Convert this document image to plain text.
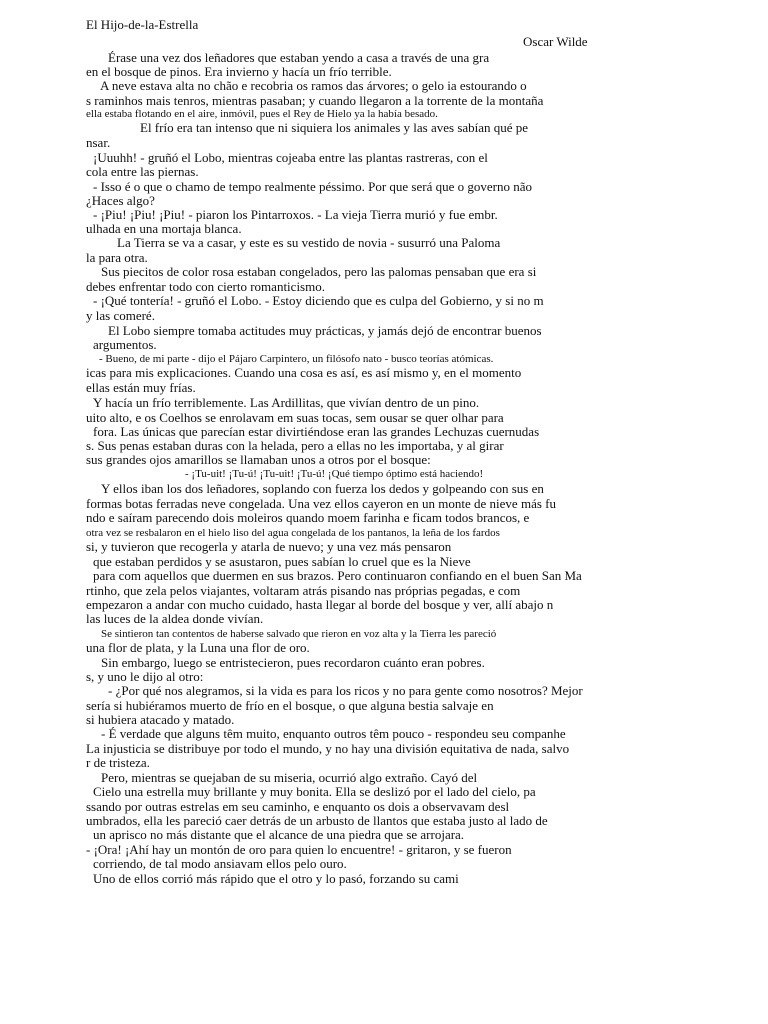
El Hijo-de-la-Estrella
Oscar Wilde
Érase una vez dos leñadores que estaban yendo a casa a través de una gra
en el bosque de pinos. Era invierno y hacía un frío terrible.
A neve estava alta no chão e recobria os ramos das árvores; o gelo ia estourando o
s raminhos mais tenros, mientras pasaban; y cuando llegaron a la torrente de la montaña
ella estaba flotando en el aire, inmóvil, pues el Rey de Hielo ya la había besado.
El frío era tan intenso que ni siquiera los animales y las aves sabían qué pe
nsar.
¡Uuuhh! - gruñó el Lobo, mientras cojeaba entre las plantas rastreras, con el
cola entre las piernas.
- Isso é o que o chamo de tempo realmente péssimo. Por que será que o governo não
¿Haces algo?
- ¡Piu! ¡Piu! ¡Piu! - piaron los Pintarroxos. - La vieja Tierra murió y fue embr.
ulhada en una mortaja blanca.
La Tierra se va a casar, y este es su vestido de novia - susurró una Paloma
la para otra.
Sus piecitos de color rosa estaban congelados, pero las palomas pensaban que era si
debes enfrentar todo con cierto romanticismo.
- ¡Qué tontería! - gruñó el Lobo. - Estoy diciendo que es culpa del Gobierno, y si no m
y las comeré.
El Lobo siempre tomaba actitudes muy prácticas, y jamás dejó de encontrar buenos
argumentos.
- Bueno, de mi parte - dijo el Pájaro Carpintero, un filósofo nato - busco teorías atómicas.
icas para mis explicaciones. Cuando una cosa es así, es así mismo y, en el momento
ellas están muy frías.
Y hacía un frío terriblemente. Las Ardillitas, que vivían dentro de un pino.
uito alto, e os Coelhos se enrolavam em suas tocas, sem ousar se quer olhar para
fora. Las únicas que parecían estar divirtiéndose eran las grandes Lechuzas cuernudas
s. Sus penas estaban duras con la helada, pero a ellas no les importaba, y al girar
sus grandes ojos amarillos se llamaban unos a otros por el bosque:
- ¡Tu-uit! ¡Tu-ú! ¡Tu-uit! ¡Tu-ú! ¡Qué tiempo óptimo está haciendo!
Y ellos iban los dos leñadores, soplando con fuerza los dedos y golpeando con sus en
formas botas ferradas neve congelada. Una vez ellos cayeron en un monte de nieve más fu
ndo e saíram parecendo dois moleiros quando moem farinha e ficam todos brancos, e
otra vez se resbalaron en el hielo liso del agua congelada de los pantanos, la leña de los fardos
si, y tuvieron que recogerla y atarla de nuevo; y una vez más pensaron
que estaban perdidos y se asustaron, pues sabían lo cruel que es la Nieve
para com aquellos que duermen en sus brazos. Pero continuaron confiando en el buen San Ma
rtinho, que zela pelos viajantes, voltaram atrás pisando nas próprias pegadas, e com
empezaron a andar con mucho cuidado, hasta llegar al borde del bosque y ver, allí abajo n
las luces de la aldea donde vivían.
Se sintieron tan contentos de haberse salvado que rieron en voz alta y la Tierra les pareció
una flor de plata, y la Luna una flor de oro.
Sin embargo, luego se entristecieron, pues recordaron cuánto eran pobres.
s, y uno le dijo al otro:
- ¿Por qué nos alegramos, si la vida es para los ricos y no para gente como nosotros? Mejor
sería si hubiéramos muerto de frío en el bosque, o que alguna bestia salvaje en
si hubiera atacado y matado.
- É verdade que alguns têm muito, enquanto outros têm pouco - respondeu seu companhe
La injusticia se distribuye por todo el mundo, y no hay una división equitativa de nada, salvo
r de tristeza.
Pero, mientras se quejaban de su miseria, ocurrió algo extraño. Cayó del
Cielo una estrella muy brillante y muy bonita. Ella se deslizó por el lado del cielo, pa
ssando por outras estrelas em seu caminho, e enquanto os dois a observavam desl
umbrados, ella les pareció caer detrás de un arbusto de llantos que estaba justo al lado de
un aprisco no más distante que el alcance de una piedra que se arrojara.
- ¡Ora! ¡Ahí hay un montón de oro para quien lo encuentre! - gritaron, y se fueron
corriendo, de tal modo ansiavam ellos pelo ouro.
Uno de ellos corrió más rápido que el otro y lo pasó, forzando su cami
